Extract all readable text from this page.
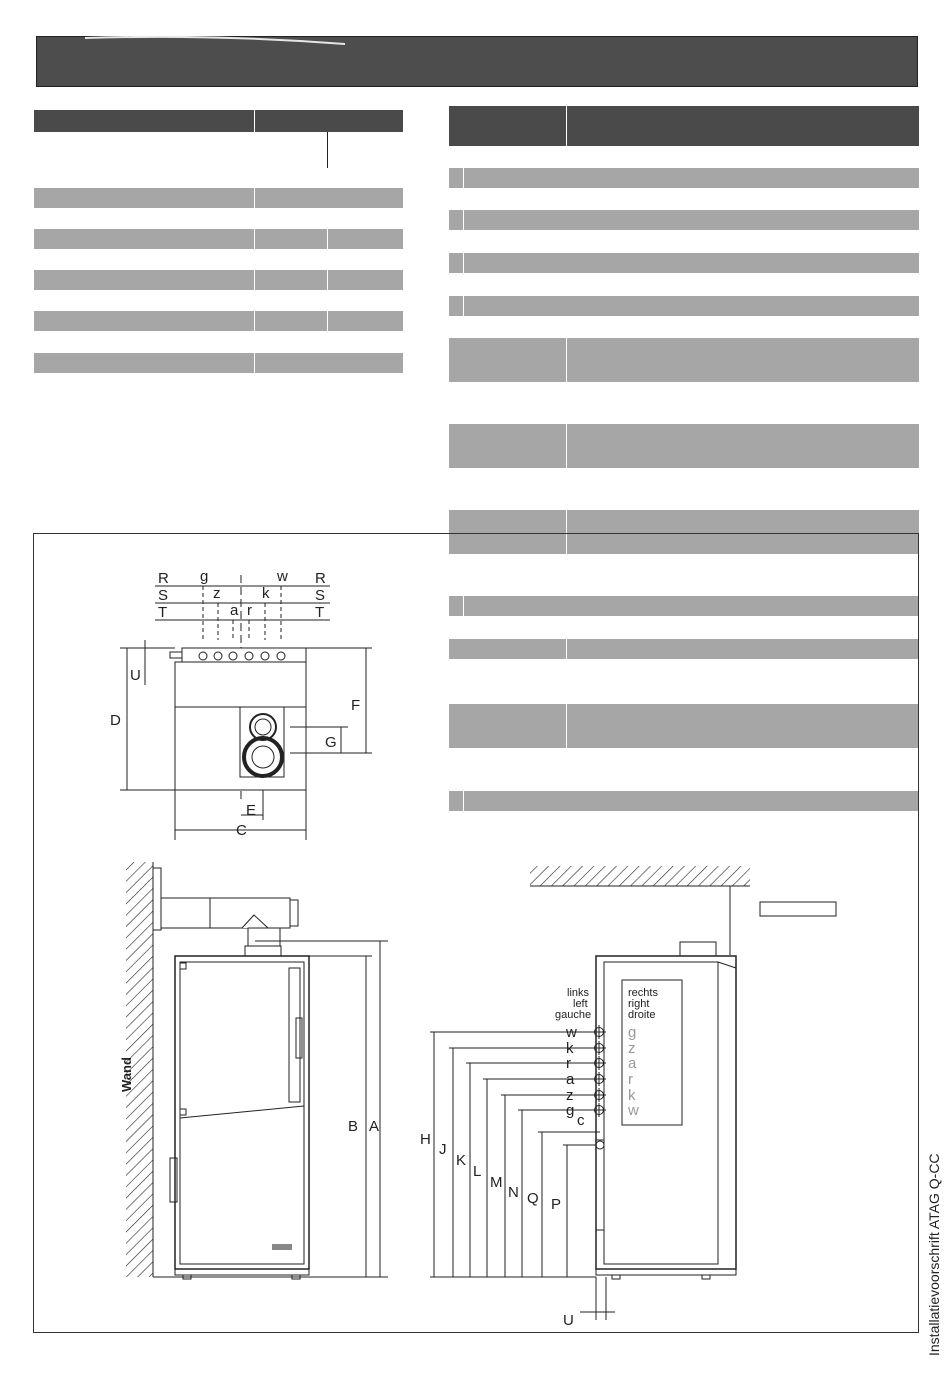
R g	w R
S	z	k	S
T	a r	T
U
D
F
G
E
C
Wand
B A
links
left
gauche
rechts
right
droite
w
k
r
a
z
g
g
z
a
r
k
w
H
J
K
L
M
N Q P
c
U	Installatievoorschrift ATAG Q-CC
